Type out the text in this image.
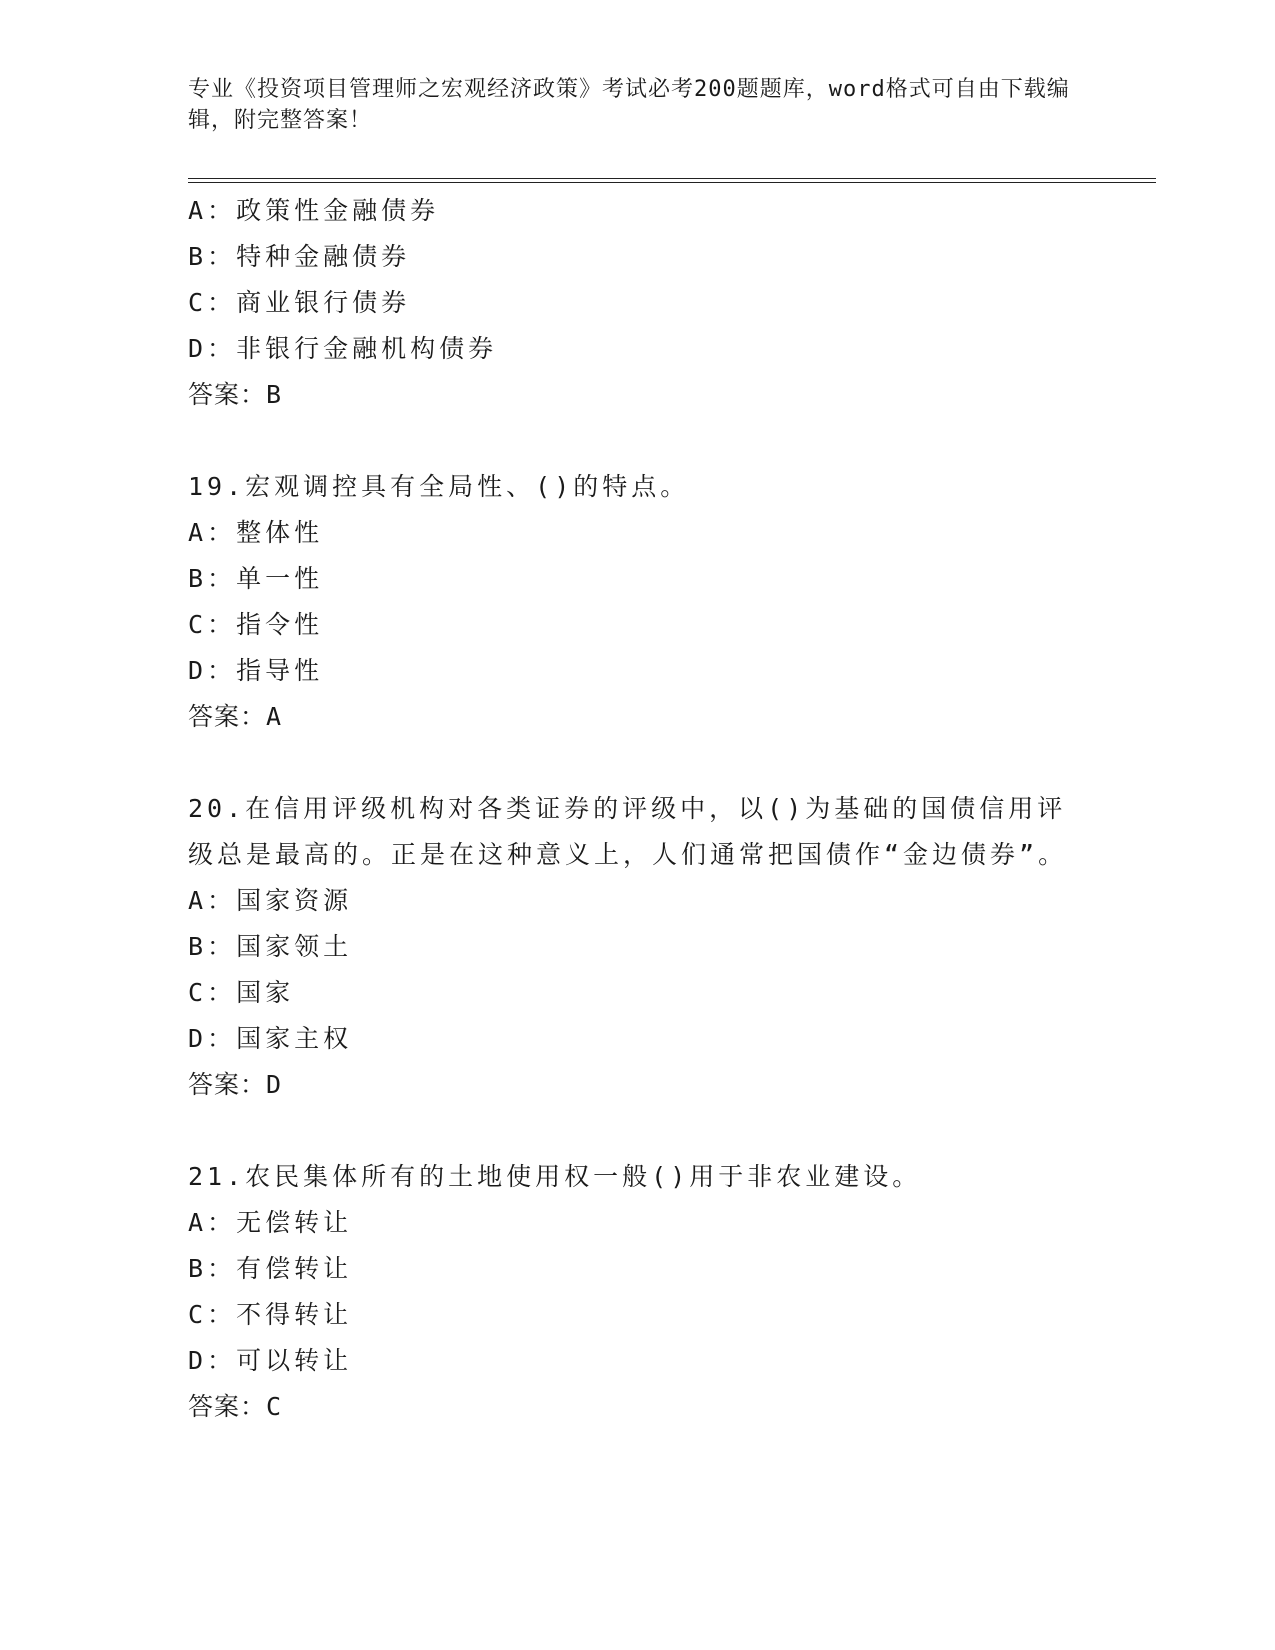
专业《投资项目管理师之宏观经济政策》考试必考200题题库，word格式可自由下载编辑，附完整答案！
A：政策性金融债券
B：特种金融债券
C：商业银行债券
D：非银行金融机构债券
答案：B
19.宏观调控具有全局性、()的特点。
A：整体性
B：单一性
C：指令性
D：指导性
答案：A
20.在信用评级机构对各类证券的评级中，以()为基础的国债信用评级总是最高的。正是在这种意义上，人们通常把国债作“金边债券”。
A：国家资源
B：国家领土
C：国家
D：国家主权
答案：D
21.农民集体所有的土地使用权一般()用于非农业建设。
A：无偿转让
B：有偿转让
C：不得转让
D：可以转让
答案：C
